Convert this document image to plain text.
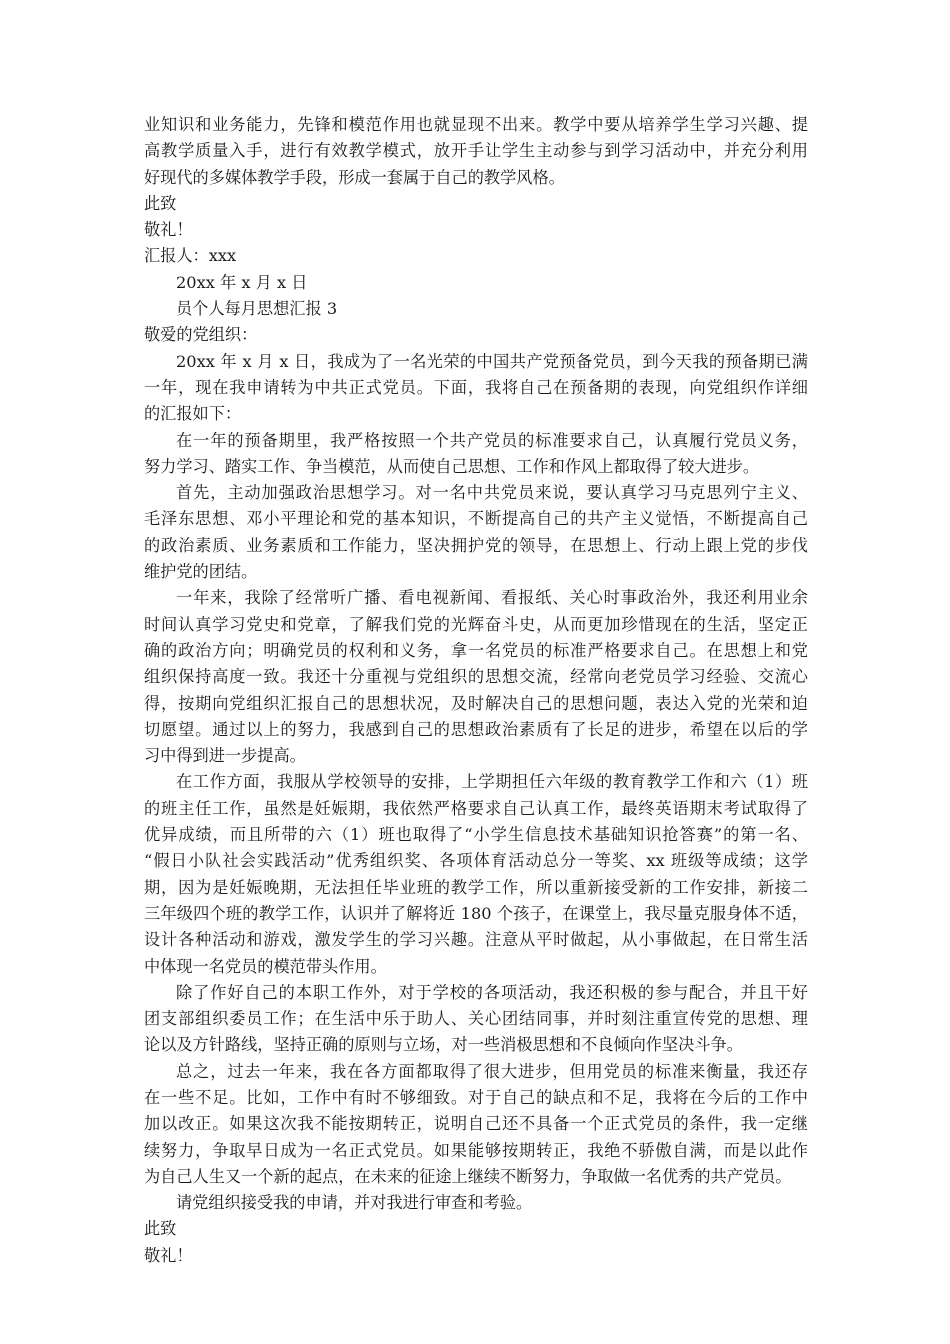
业知识和业务能力，先锋和模范作用也就显现不出来。教学中要从培养学生学习兴趣、提
高教学质量入手，进行有效教学模式，放开手让学生主动参与到学习活动中，并充分利用
好现代的多媒体教学手段，形成一套属于自己的教学风格。
此致
敬礼！
汇报人：xxx
20xx 年 x 月 x 日
员个人每月思想汇报 3
敬爱的党组织：
20xx 年 x 月 x 日，我成为了一名光荣的中国共产党预备党员，到今天我的预备期已满
一年，现在我申请转为中共正式党员。下面，我将自己在预备期的表现，向党组织作详细
的汇报如下：
在一年的预备期里，我严格按照一个共产党员的标准要求自己，认真履行党员义务，
努力学习、踏实工作、争当模范，从而使自己思想、工作和作风上都取得了较大进步。
首先，主动加强政治思想学习。对一名中共党员来说，要认真学习马克思列宁主义、
毛泽东思想、邓小平理论和党的基本知识，不断提高自己的共产主义觉悟，不断提高自己
的政治素质、业务素质和工作能力，坚决拥护党的领导，在思想上、行动上跟上党的步伐
维护党的团结。
一年来，我除了经常听广播、看电视新闻、看报纸、关心时事政治外，我还利用业余
时间认真学习党史和党章，了解我们党的光辉奋斗史，从而更加珍惜现在的生活，坚定正
确的政治方向；明确党员的权利和义务，拿一名党员的标准严格要求自己。在思想上和党
组织保持高度一致。我还十分重视与党组织的思想交流，经常向老党员学习经验、交流心
得，按期向党组织汇报自己的思想状况，及时解决自己的思想问题，表达入党的光荣和迫
切愿望。通过以上的努力，我感到自己的思想政治素质有了长足的进步，希望在以后的学
习中得到进一步提高。
在工作方面，我服从学校领导的安排，上学期担任六年级的教育教学工作和六（1）班
的班主任工作，虽然是妊娠期，我依然严格要求自己认真工作，最终英语期末考试取得了
优异成绩，而且所带的六（1）班也取得了“小学生信息技术基础知识抢答赛”的第一名、
“假日小队社会实践活动”优秀组织奖、各项体育活动总分一等奖、xx 班级等成绩；这学
期，因为是妊娠晚期，无法担任毕业班的教学工作，所以重新接受新的工作安排，新接二
三年级四个班的教学工作，认识并了解将近 180 个孩子，在课堂上，我尽量克服身体不适，
设计各种活动和游戏，激发学生的学习兴趣。注意从平时做起，从小事做起，在日常生活
中体现一名党员的模范带头作用。
除了作好自己的本职工作外，对于学校的各项活动，我还积极的参与配合，并且干好
团支部组织委员工作；在生活中乐于助人、关心团结同事，并时刻注重宣传党的思想、理
论以及方针路线，坚持正确的原则与立场，对一些消极思想和不良倾向作坚决斗争。
总之，过去一年来，我在各方面都取得了很大进步，但用党员的标准来衡量，我还存
在一些不足。比如，工作中有时不够细致。对于自己的缺点和不足，我将在今后的工作中
加以改正。如果这次我不能按期转正，说明自己还不具备一个正式党员的条件，我一定继
续努力，争取早日成为一名正式党员。如果能够按期转正，我绝不骄傲自满，而是以此作
为自己人生又一个新的起点，在未来的征途上继续不断努力，争取做一名优秀的共产党员。
请党组织接受我的申请，并对我进行审查和考验。
此致
敬礼！
